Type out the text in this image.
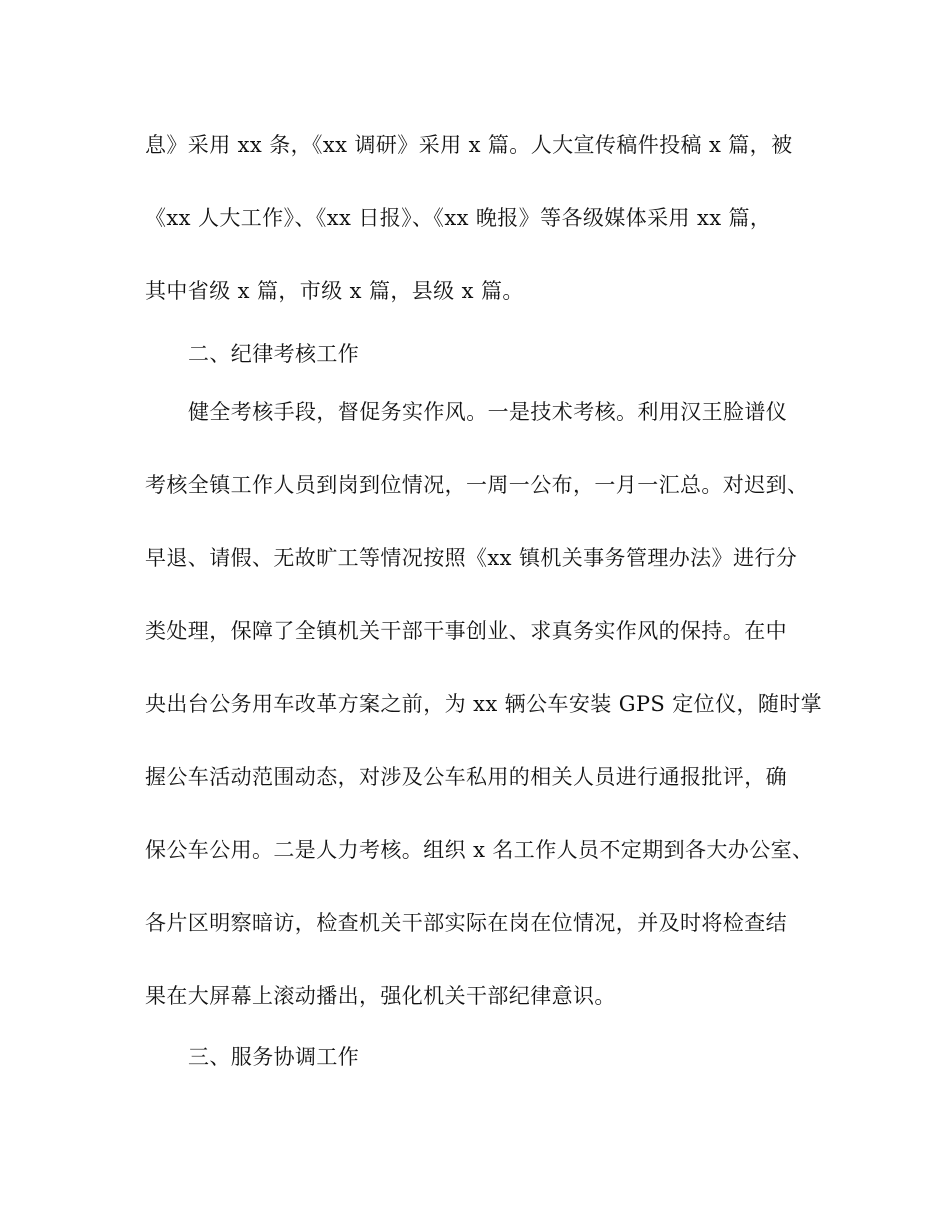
息》采用 xx 条，《xx 调研》采用 x 篇。人大宣传稿件投稿 x 篇，被
《xx 人大工作》、《xx 日报》、《xx 晚报》等各级媒体采用 xx 篇，
其中省级 x 篇，市级 x 篇，县级 x 篇。
二、纪律考核工作
健全考核手段，督促务实作风。一是技术考核。利用汉王脸谱仪
考核全镇工作人员到岗到位情况，一周一公布，一月一汇总。对迟到、
早退、请假、无故旷工等情况按照《xx 镇机关事务管理办法》进行分
类处理，保障了全镇机关干部干事创业、求真务实作风的保持。在中
央出台公务用车改革方案之前，为 xx 辆公车安装 GPS 定位仪，随时掌
握公车活动范围动态，对涉及公车私用的相关人员进行通报批评，确
保公车公用。二是人力考核。组织 x 名工作人员不定期到各大办公室、
各片区明察暗访，检查机关干部实际在岗在位情况，并及时将检查结
果在大屏幕上滚动播出，强化机关干部纪律意识。
三、服务协调工作
